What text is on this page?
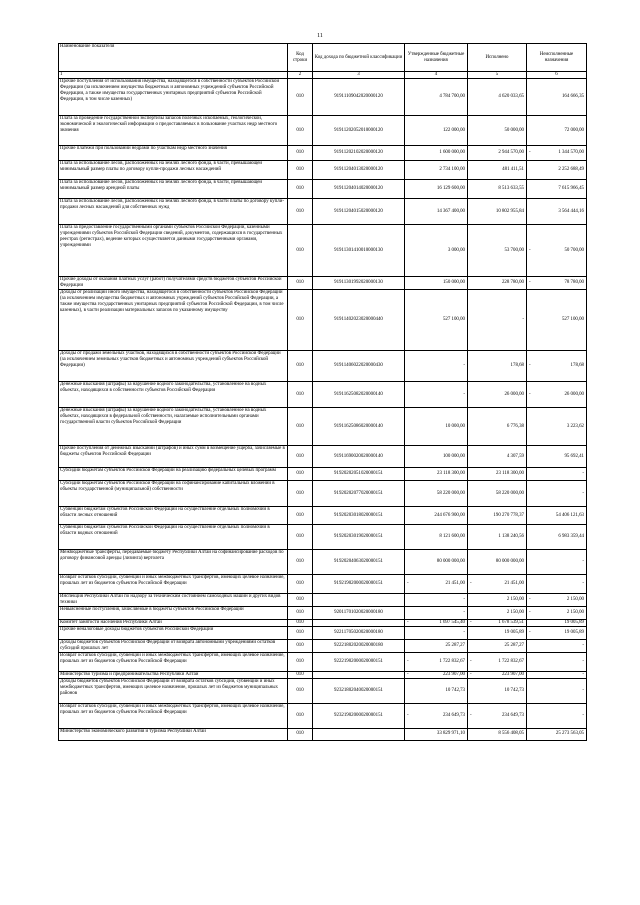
11
Наименование показателя	Код строки	Код дохода по бюджетной классификации	Утвержденные бюджетные назначения	Исполнено	Неисполненные назначения
1	2	3	4	5	6
Прочие поступления от использования имущества, находящегося в собственности субъектов Российской Федерации (за исключением имущества бюджетных и автономных учреждений субъектов Российской Федерации, а также имущества государственных унитарных предприятий субъектов Российской Федерации, в том числе казенных)	010	91911109042020000120	4 784 700,00	4 620 033,65	164 666,35
Плата за проведение государственной экспертизы запасов полезных ископаемых, геологической, экономической и экологической информации о предоставляемых в пользование участках недр местного значения	010	91911202052010000120	122 000,00	50 000,00	72 000,00
Прочие платежи при пользовании недрами по участкам недр местного значения	010	91911202102020000120	1 600 000,00	2 944 570,00	- 1 344 570,00
Плата за использование лесов, расположенных на землях лесного фонда, в части, превышающей минимальный размер платы по договору купли-продажи лесных насаждений	010	91911204013020000120	2 734 100,00	481 411,51	2 252 688,49
Плата за использование лесов, расположенных на землях лесного фонда, в части, превышающей минимальный размер арендной платы	010	91911204014020000120	16 129 600,00	8 513 633,55	7 615 966,45
Плата за использование лесов, расположенных на землях лесного фонда, в части платы по договору купли-продажи лесных насаждений для собственных нужд	010	91911204015020000120	14 367 400,00	10 802 955,84	3 564 444,16
Плата за предоставление государственными органами субъектов Российской Федерации, казенными учреждениями субъектов Российской Федерации сведений, документов, содержащихся в государственных реестрах (регистрах), ведение которых осуществляется данными государственными органами, учреждениями	010	91911301410010000130	3 000,00	53 700,00	- 50 700,00
Прочие доходы от оказания платных услуг (работ) получателями средств бюджетов субъектов Российской Федерации	010	91911301992020000130	150 000,00	228 780,00	- 78 780,00
Доходы от реализации иного имущества, находящегося в собственности субъектов Российской Федерации (за исключением имущества бюджетных и автономных учреждений субъектов Российской Федерации, а также имущества государственных унитарных предприятий субъектов Российской Федерации, в том числе казенных), в части реализации материальных запасов по указанному имуществу	010	91911402023020000440	527 100,00	-	527 100,00
Доходы от продажи земельных участков, находящихся в собственности субъектов Российской Федерации (за исключением земельных участков бюджетных и автономных учреждений субъектов Российской Федерации)	010	91911406022020000430	-	178,68	- 178,68
Денежные взыскания (штрафы) за нарушение водного законодательства, установленное на водных объектах, находящихся в собственности субъектов Российской Федерации	010	91911625082020000140	-	26 000,00	- 26 000,00
Денежные взыскания (штрафы) за нарушение водного законодательства, установленное на водных объектах, находящихся в федеральной собственности, налагаемые исполнительными органами государственной власти субъектов Российской Федерации	010	91911625086020000140	10 000,00	6 776,38	3 223,62
Прочие поступления от денежных взысканий (штрафов) и иных сумм в возмещение ущерба, зачисляемые в бюджеты субъектов Российской Федерации	010	91911690020020000140	100 000,00	4 307,59	95 692,41
Субсидии бюджетам субъектов Российской Федерации на реализацию федеральных целевых программ	010	91920202051020000151	23 118 300,00	23 118 300,00	-
Субсидии бюджетам субъектов Российской Федерации на софинансирование капитальных вложений в объекты государственной (муниципальной) собственности	010	91920202077020000151	58 220 000,00	58 220 000,00	-
Субвенции бюджетам субъектов Российской Федерации на осуществление отдельных полномочий в области лесных отношений	010	91920203018020000151	244 676 900,00	190 270 778,37	54 406 121,63
Субвенции бюджетам субъектов Российской Федерации на осуществление отдельных полномочий в области водных отношений	010	91920203019020000151	8 121 600,00	1 138 240,56	6 983 359,44
Межбюджетные трансферты, передаваемые бюджету Республики Алтай на софинансирование расходов по договору финансовой аренды (лизинга) вертолета	010	91920204063020000151	80 000 000,00	80 000 000,00	-
Возврат остатков субсидий, субвенций и иных межбюджетных трансфертов, имеющих целевое назначение, прошлых лет из бюджетов субъектов Российской Федерации	010	91921902000020000151	- 21 451,00	- 21 451,00	-
Инспекция Республики Алтай по надзору за техническим состоянием самоходных машин и других видов техники	010		-	2 150,00	- 2 150,00
Невыясненные поступления, зачисляемые в бюджеты субъектов Российской Федерации	010	92011701020020000180	-	2 150,00	- 2 150,00
Комитет занятости населения Республики Алтай	010		- 1 697 545,40	- 1 678 539,51	19 005,89
Прочие неналоговые доходы бюджетов субъектов Российской Федерации	010	92211705020020000180	-	19 005,89	- 19 005,89
Доходы бюджетов субъектов Российской Федерации от возврата автономными учреждениями остатков субсидий прошлых лет	010	92221802020020000180	25 287,27	25 287,27	-
Возврат остатков субсидий, субвенций и иных межбюджетных трансфертов, имеющих целевое назначение, прошлых лет из бюджетов субъектов Российской Федерации	010	92221902000020000151	- 1 722 832,67	- 1 722 832,67	-
Министерство туризма и предпринимательства Республики Алтай	010		- 223 907,00	- 223 907,00	-
Доходы бюджетов субъектов Российской Федерации от возврата остатков субсидий, субвенций и иных межбюджетных трансфертов, имеющих целевое назначение, прошлых лет из бюджетов муниципальных районов	010	92321802040020000151	10 742,73	10 742,73	-
Возврат остатков субсидий, субвенций и иных межбюджетных трансфертов, имеющих целевое назначение, прошлых лет из бюджетов субъектов Российской Федерации	010	92321902000020000151	- 234 649,73	- 234 649,73	-
Министерство экономического развития и туризма Республики Алтай	010		33 829 971,10	8 556 408,05	25 273 563,05
